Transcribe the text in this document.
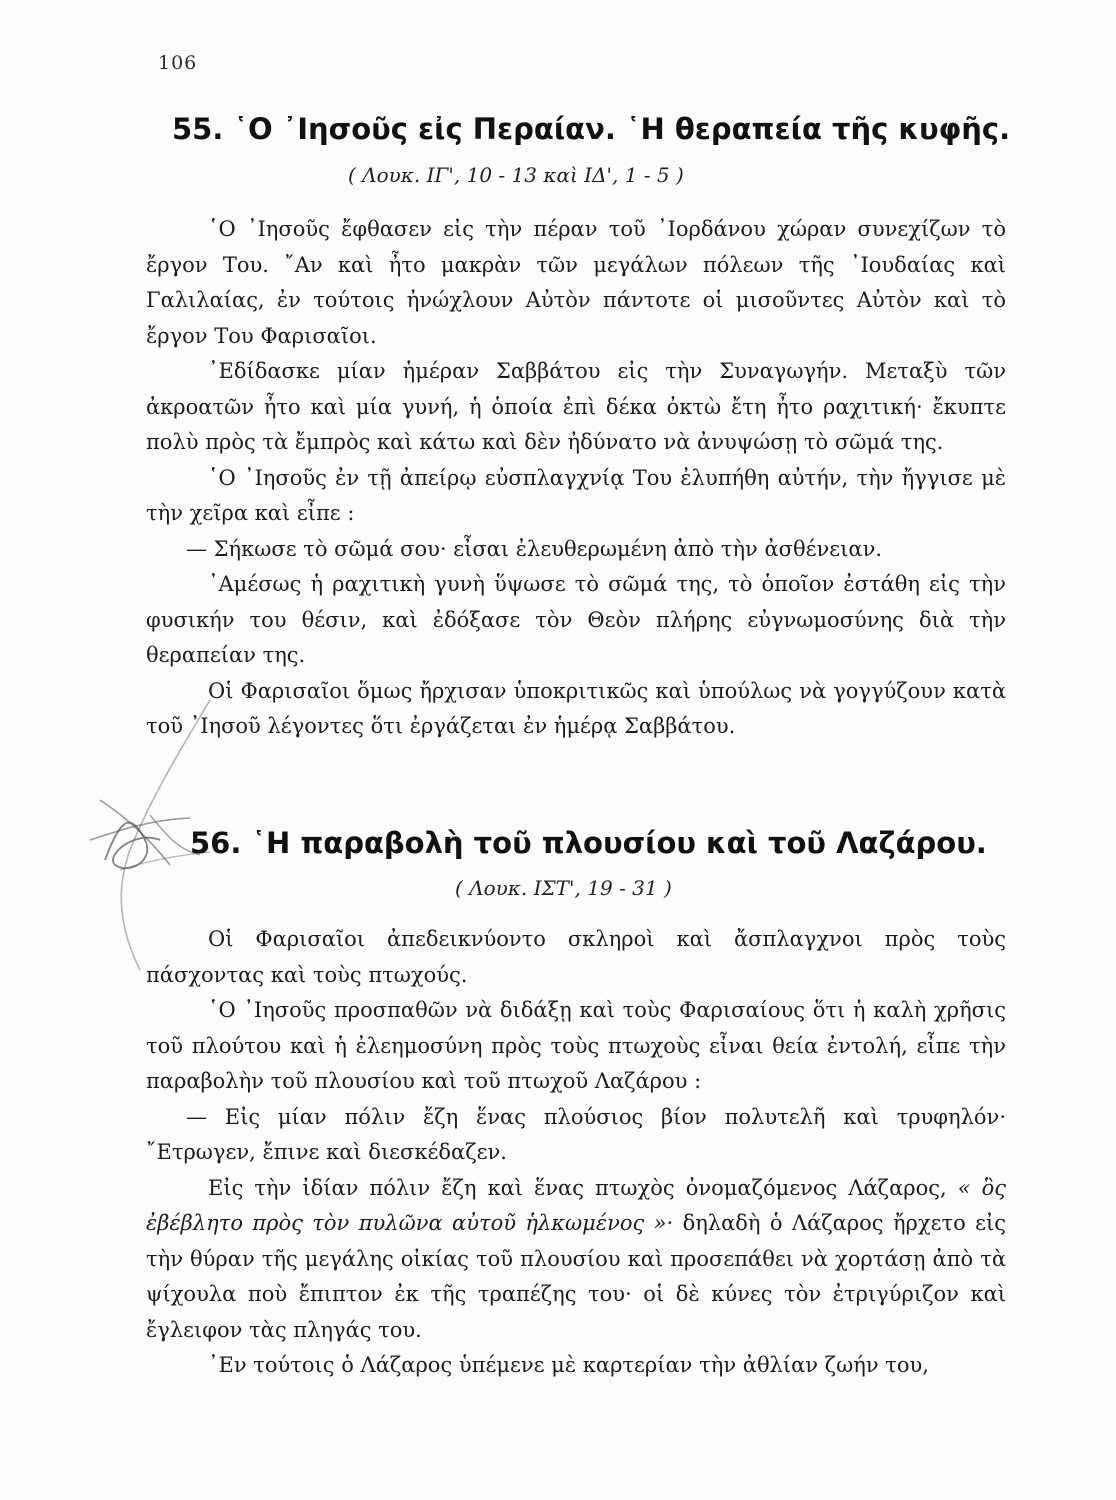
106
55. ῾Ο ᾿Ιησοῦς εἰς Περαίαν. ῾Η θεραπεία τῆς κυφῆς.
( Λουκ. ΙΓ', 10 - 13 καὶ ΙΔ', 1 - 5 )

῾Ο ᾿Ιησοῦς ἔφθασεν εἰς τὴν πέραν τοῦ ᾿Ιορδάνου χώραν συνεχίζων τὸ ἔργον Του. ῎Αν καὶ ἦτο μακρὰν τῶν μεγάλων πόλεων τῆς ᾿Ιουδαίας καὶ Γαλιλαίας, ἐν τούτοις ἠνώχλουν Αὐτὸν πάντοτε οἱ μισοῦντες Αὐτὸν καὶ τὸ ἔργον Του Φαρισαῖοι.

᾿Εδίδασκε μίαν ἡμέραν Σαββάτου εἰς τὴν Συναγωγήν. Μεταξὺ τῶν ἀκροατῶν ἦτο καὶ μία γυνή, ἡ ὁποία ἐπὶ δέκα ὀκτὼ ἔτη ἦτο ραχιτική· ἔκυπτε πολὺ πρὸς τὰ ἔμπρὸς καὶ κάτω καὶ δὲν ἠδύνατο νὰ ἀνυψώσῃ τὸ σῶμά της.

῾Ο ᾿Ιησοῦς ἐν τῇ ἀπείρῳ εὐσπλαγχνίᾳ Του ἐλυπήθη αὐτήν, τὴν ἤγγισε μὲ τὴν χεῖρα καὶ εἶπε :

— Σήκωσε τὸ σῶμά σου· εἶσαι ἐλευθερωμένη ἀπὸ τὴν ἀσθένειαν.

᾿Αμέσως ἡ ραχιτικὴ γυνὴ ὕψωσε τὸ σῶμά της, τὸ ὁποῖον ἐστάθη εἰς τὴν φυσικήν του θέσιν, καὶ ἐδόξασε τὸν Θεὸν πλήρης εὐγνωμοσύνης διὰ τὴν θεραπείαν της.

Οἱ Φαρισαῖοι ὅμως ἤρχισαν ὑποκριτικῶς καὶ ὑπούλως νὰ γογγύζουν κατὰ τοῦ ᾿Ιησοῦ λέγοντες ὅτι ἐργάζεται ἐν ἡμέρᾳ Σαββάτου.

56. ῾Η παραβολὴ τοῦ πλουσίου καὶ τοῦ Λαζάρου.
( Λουκ. ΙΣΤ', 19 - 31 )

Οἱ Φαρισαῖοι ἀπεδεικνύοντο σκληροὶ καὶ ἄσπλαγχνοι πρὸς τοὺς πάσχοντας καὶ τοὺς πτωχούς.

῾Ο ᾿Ιησοῦς προσπαθῶν νὰ διδάξῃ καὶ τοὺς Φαρισαίους ὅτι ἡ καλὴ χρῆσις τοῦ πλούτου καὶ ἡ ἐλεημοσύνη πρὸς τοὺς πτωχοὺς εἶναι θεία ἐντολή, εἶπε τὴν παραβολὴν τοῦ πλουσίου καὶ τοῦ πτωχοῦ Λαζάρου :

— Εἰς μίαν πόλιν ἔζη ἕνας πλούσιος βίον πολυτελῆ καὶ τρυφηλόν· ῎Ετρωγεν, ἔπινε καὶ διεσκέδαζεν.

Εἰς τὴν ἰδίαν πόλιν ἔζη καὶ ἕνας πτωχὸς ὀνομαζόμενος Λάζαρος, « ὃς ἐβέβλητο πρὸς τὸν πυλῶνα αὐτοῦ ἡλκωμένος »· δηλαδὴ ὁ Λάζαρος ἤρχετο εἰς τὴν θύραν τῆς μεγάλης οἰκίας τοῦ πλουσίου καὶ προσεπάθει νὰ χορτάσῃ ἀπὸ τὰ ψίχουλα ποὺ ἔπιπτον ἐκ τῆς τραπέζης του· οἱ δὲ κύνες τὸν ἐτριγύριζον καὶ ἔγλειφον τὰς πληγάς του.

᾿Εν τούτοις ὁ Λάζαρος ὑπέμενε μὲ καρτερίαν τὴν ἀθλίαν ζωήν του,
